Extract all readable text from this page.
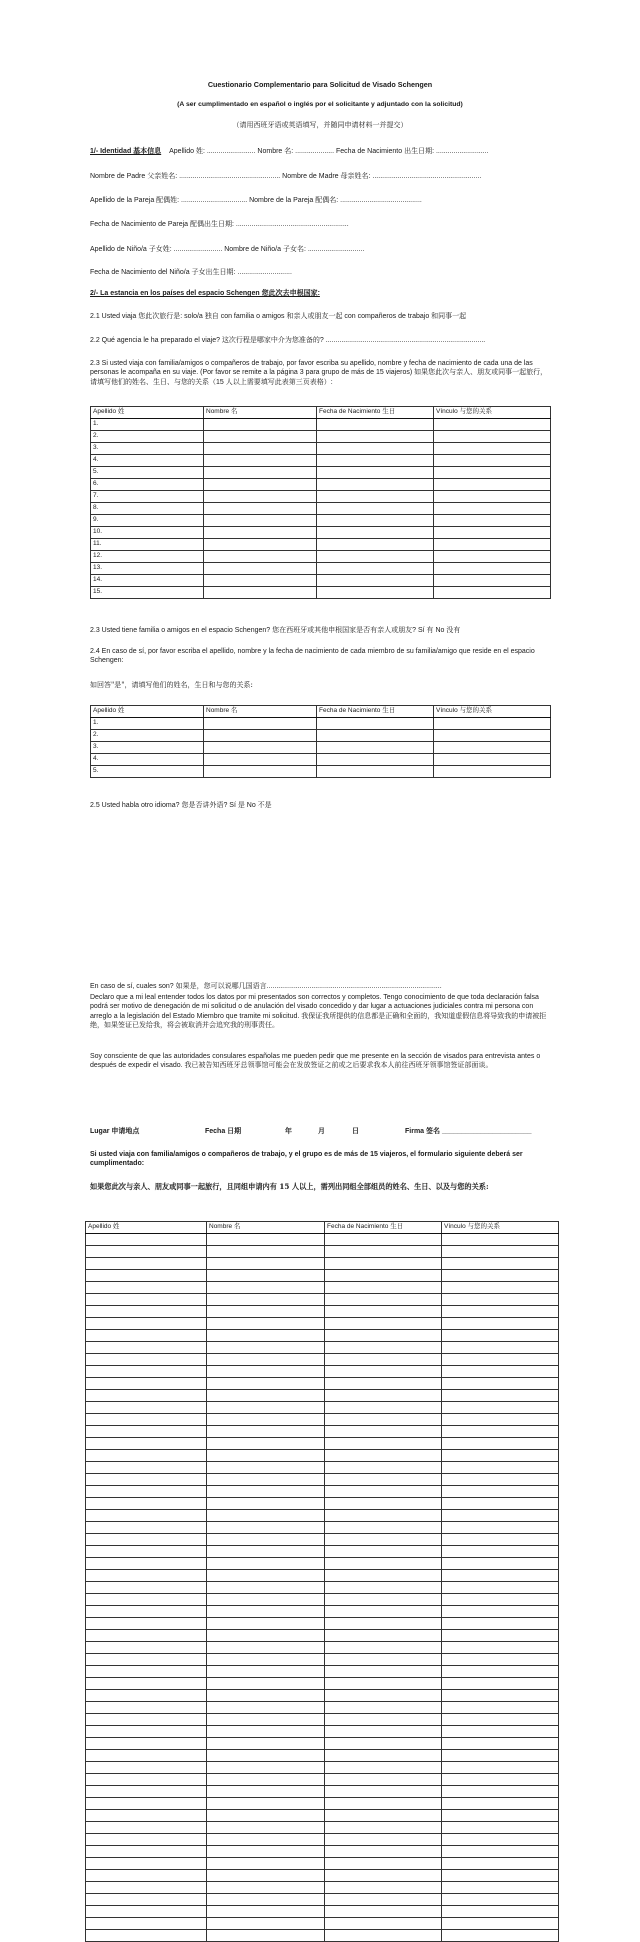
Cuestionario Complementario para Solicitud de Visado Schengen
(A ser cumplimentado en español o inglés por el solicitante y adjuntado con la solicitud)
（请用西班牙语或英语填写，并随同申请材料一并提交）
1/- Identidad 基本信息 Apellido 姓: ......................... Nombre 名: .................... Fecha de Nacimiento 出生日期: ...........................
Nombre de Padre 父亲姓名: .................................................... Nombre de Madre 母亲姓名: ........................................................
Apellido de la Pareja 配偶姓: .................................. Nombre de la Pareja 配偶名: ..........................................
Fecha de Nacimiento de Pareja 配偶出生日期: ..........................................................
Apellido de Niño/a 子女姓: ......................... Nombre de Niño/a 子女名: .............................
Fecha de Nacimiento del Niño/a 子女出生日期: ............................
2/- La estancia en los países del espacio Schengen 您此次去申根国家:
2.1 Usted viaja 您此次旅行是: solo/a 独自 con familia o amigos 和亲人或朋友一起 con compañeros de trabajo 和同事一起
2.2 Qué agencia le ha preparado el viaje? 这次行程是哪家中介为您准备的? ..................................................................................
2.3 Si usted viaja con familia/amigos o compañeros de trabajo, por favor escriba su apellido, nombre y fecha de nacimiento de cada una de las personas le acompaña en su viaje. (Por favor se remite a la página 3 para grupo de más de 15 viajeros) 如果您此次与亲人、朋友或同事一起旅行，请填写他们的姓名、生日、与您的关系（15 人以上需要填写此表第三页表格）:
Apellido 姓	Nombre 名	Fecha de Nacimiento 生日	Vínculo 与您的关系
1.			
2.			
3.			
4.			
5.			
6.			
7.			
8.			
9.			
10.			
11.			
12.			
13.			
14.			
15.			
2.3 Usted tiene familia o amigos en el espacio Schengen? 您在西班牙或其他申根国家是否有亲人或朋友? Sí 有 No 没有
2.4 En caso de sí, por favor escriba el apellido, nombre y la fecha de nacimiento de cada miembro de su familia/amigo que reside en el espacio Schengen:
如回答"是"，请填写他们的姓名，生日和与您的关系:
Apellido 姓	Nombre 名	Fecha de Nacimiento 生日	Vínculo 与您的关系
1.			
2.			
3.			
4.			
5.			
2.5 Usted habla otro idioma? 您是否讲外语? Sí 是 No 不是
En caso de sí, cuales son? 如果是，您可以说哪几国语言..........................................................................................
Declaro que a mi leal entender todos los datos por mi presentados son correctos y completos. Tengo conocimiento de que toda declaración falsa podrá ser motivo de denegación de mi solicitud o de anulación del visado concedido y dar lugar a actuaciones judiciales contra mi persona con arreglo a la legislación del Estado Miembro que tramite mi solicitud. 我保证我所提供的信息都是正确和全面的，我知道虚假信息将导致我的申请被拒绝，如果签证已发给我，将会被取消并会追究我的刑事责任。
Soy consciente de que las autoridades consulares españolas me pueden pedir que me presente en la sección de visados para entrevista antes o después de expedir el visado. 我已被告知西班牙总领事馆可能会在发放签证之前或之后要求我本人前往西班牙领事馆签证部面谈。
Lugar 申请地点	Fecha 日期	年	月	日	Firma 签名 _______________________
Si usted viaja con familia/amigos o compañeros de trabajo, y el grupo es de más de 15 viajeros, el formulario siguiente deberá ser cumplimentado:
如果您此次与亲人、朋友或同事一起旅行，且同组申请内有 15 人以上，需列出同组全部组员的姓名、生日、以及与您的关系:
Apellido 姓	Nombre 名	Fecha de Nacimiento 生日	Vínculo 与您的关系
